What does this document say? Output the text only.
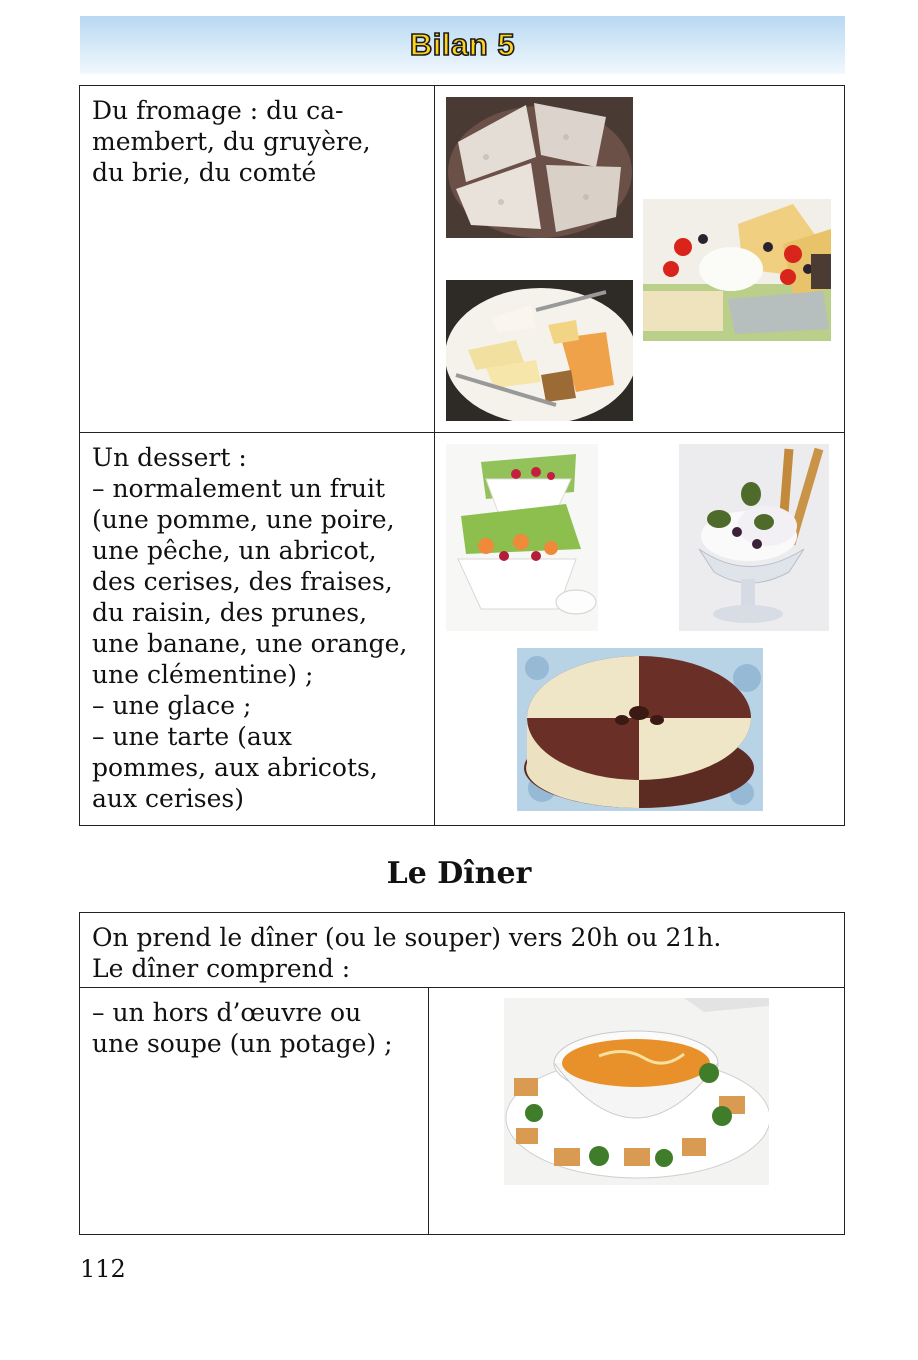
Bilan 5
Du fromage : du ca-
membert, du gruyère,
du brie, du comté
Un dessert :
– normalement un fruit
(une pomme, une poire,
une pêche, un abricot,
des cerises, des fraises,
du raisin, des prunes,
une banane, une orange,
une clémentine) ;
– une glace ;
– une tarte (aux
pommes, aux abricots,
aux cerises)
Le Dîner
On prend le dîner (ou le souper) vers 20h ou 21h.
Le dîner comprend :
– un hors d’œuvre ou
une soupe (un potage) ;
112
